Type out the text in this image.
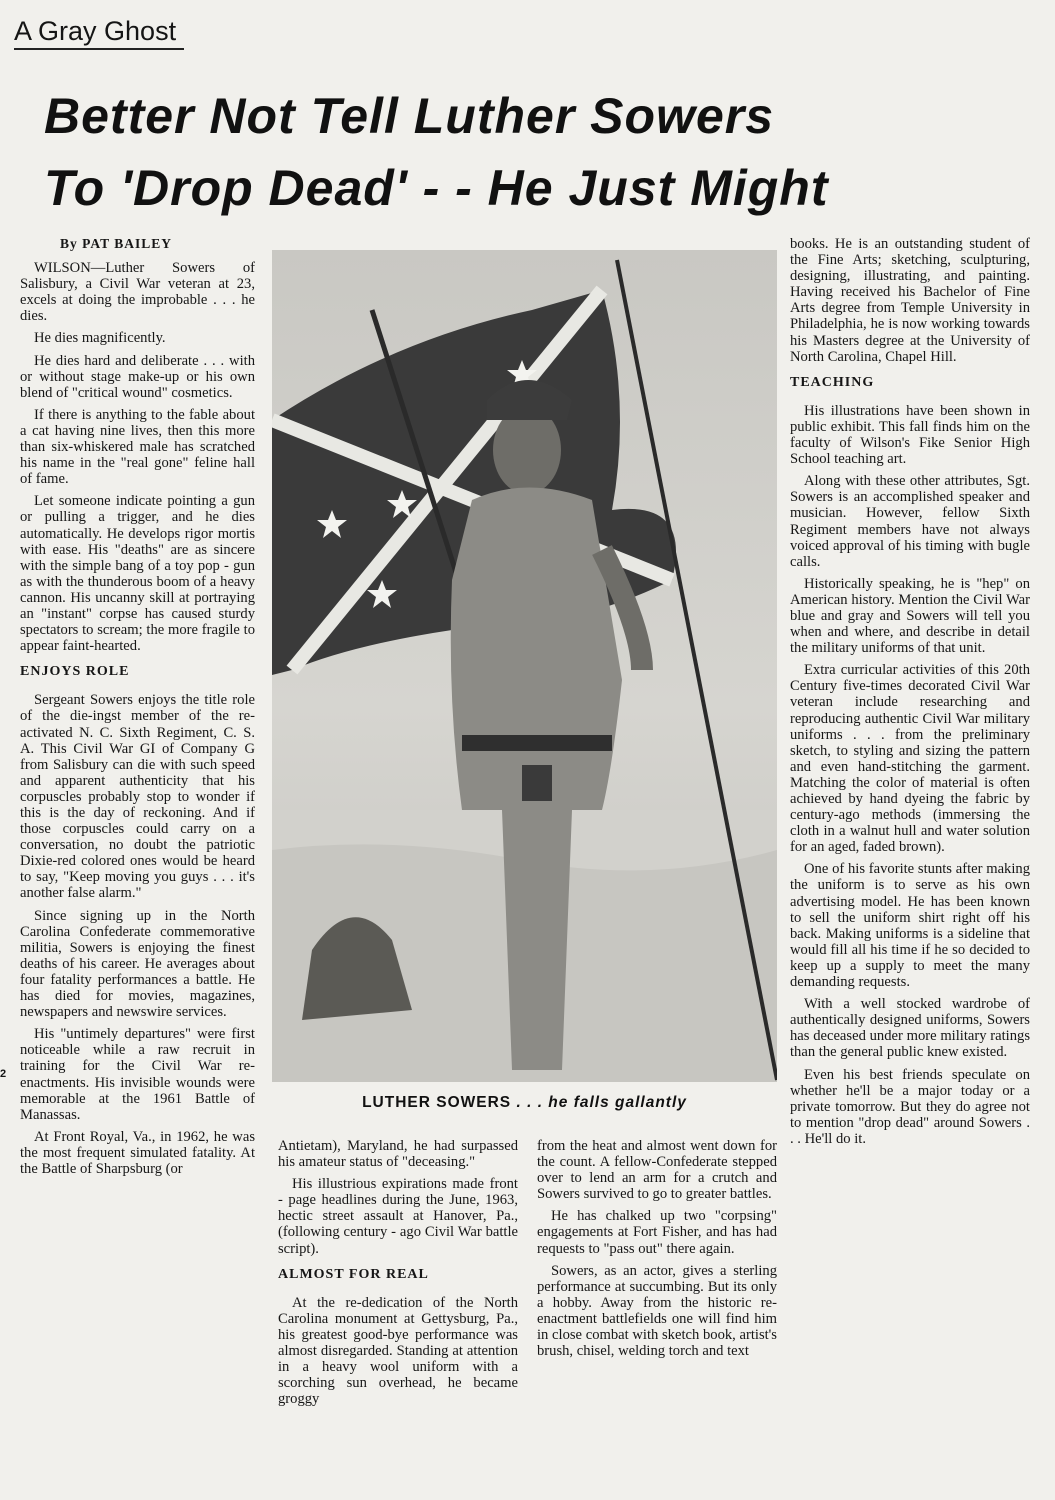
A Gray Ghost
Better Not Tell Luther Sowers
To 'Drop Dead' - - He Just Might

By PAT BAILEY

WILSON—Luther Sowers of Salisbury, a Civil War veteran at 23, excels at doing the improbable . . . he dies.

He dies magnificently.

He dies hard and deliberate . . . with or without stage make-up or his own blend of "critical wound" cosmetics.

If there is anything to the fable about a cat having nine lives, then this more than six-whiskered male has scratched his name in the "real gone" feline hall of fame.

Let someone indicate pointing a gun or pulling a trigger, and he dies automatically. He develops rigor mortis with ease. His "deaths" are as sincere with the simple bang of a toy pop - gun as with the thunderous boom of a heavy cannon. His uncanny skill at portraying an "instant" corpse has caused sturdy spectators to scream; the more fragile to appear faint-hearted.

ENJOYS ROLE

Sergeant Sowers enjoys the title role of the die-ingst member of the re-activated N. C. Sixth Regiment, C. S. A. This Civil War GI of Company G from Salisbury can die with such speed and apparent authenticity that his corpuscles probably stop to wonder if this is the day of reckoning. And if those corpuscles could carry on a conversation, no doubt the patriotic Dixie-red colored ones would be heard to say, "Keep moving you guys . . . it's another false alarm."

Since signing up in the North Carolina Confederate commemorative militia, Sowers is enjoying the finest deaths of his career. He averages about four fatality performances a battle. He has died for movies, magazines, newspapers and newswire services.

His "untimely departures" were first noticeable while a raw recruit in training for the Civil War re-enactments. His invisible wounds were memorable at the 1961 Battle of Manassas.

At Front Royal, Va., in 1962, he was the most frequent simulated fatality. At the Battle of Sharpsburg (or

LUTHER SOWERS . . . he falls gallantly
2

Antietam), Maryland, he had surpassed his amateur status of "deceasing."

His illustrious expirations made front - page headlines during the June, 1963, hectic street assault at Hanover, Pa., (following century - ago Civil War battle script).

ALMOST FOR REAL

At the re-dedication of the North Carolina monument at Gettysburg, Pa., his greatest good-bye performance was almost disregarded. Standing at attention in a heavy wool uniform with a scorching sun overhead, he became groggy

from the heat and almost went down for the count. A fellow-Confederate stepped over to lend an arm for a crutch and Sowers survived to go to greater battles.

He has chalked up two "corpsing" engagements at Fort Fisher, and has had requests to "pass out" there again.

Sowers, as an actor, gives a sterling performance at succumbing. But its only a hobby. Away from the historic re-enactment battlefields one will find him in close combat with sketch book, artist's brush, chisel, welding torch and text

books. He is an outstanding student of the Fine Arts; sketching, sculpturing, designing, illustrating, and painting. Having received his Bachelor of Fine Arts degree from Temple University in Philadelphia, he is now working towards his Masters degree at the University of North Carolina, Chapel Hill.

TEACHING

His illustrations have been shown in public exhibit. This fall finds him on the faculty of Wilson's Fike Senior High School teaching art.

Along with these other attributes, Sgt. Sowers is an accomplished speaker and musician. However, fellow Sixth Regiment members have not always voiced approval of his timing with bugle calls.

Historically speaking, he is "hep" on American history. Mention the Civil War blue and gray and Sowers will tell you when and where, and describe in detail the military uniforms of that unit.

Extra curricular activities of this 20th Century five-times decorated Civil War veteran include researching and reproducing authentic Civil War military uniforms . . . from the preliminary sketch, to styling and sizing the pattern and even hand-stitching the garment. Matching the color of material is often achieved by hand dyeing the fabric by century-ago methods (immersing the cloth in a walnut hull and water solution for an aged, faded brown).

One of his favorite stunts after making the uniform is to serve as his own advertising model. He has been known to sell the uniform shirt right off his back. Making uniforms is a sideline that would fill all his time if he so decided to keep up a supply to meet the many demanding requests.

With a well stocked wardrobe of authentically designed uniforms, Sowers has deceased under more military ratings than the general public knew existed.

Even his best friends speculate on whether he'll be a major today or a private tomorrow. But they do agree not to mention "drop dead" around Sowers . . . He'll do it.
